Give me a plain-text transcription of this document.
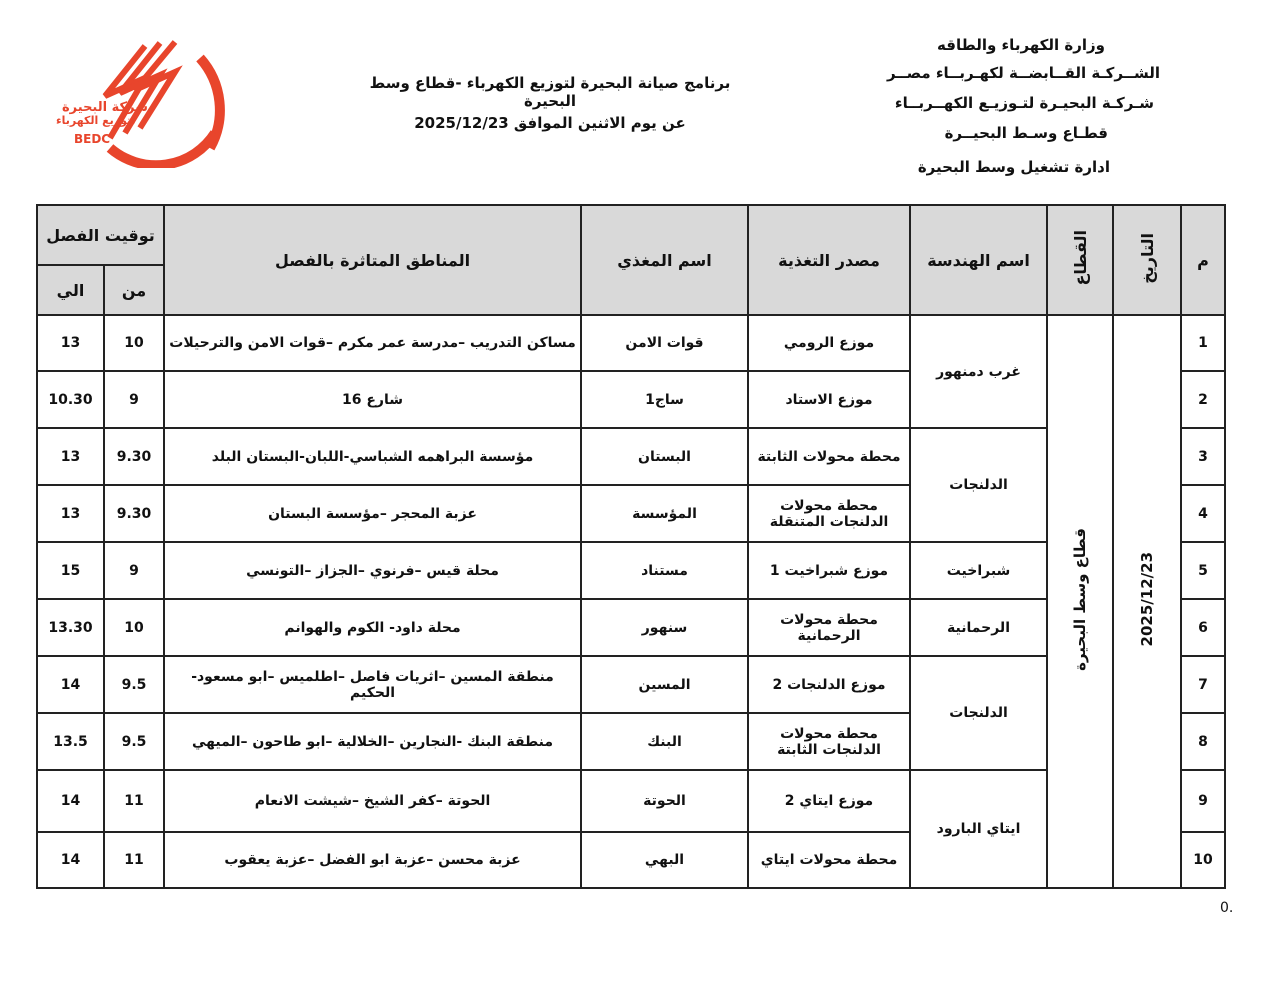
شركة البحيرة
لتوزيع الكهرباء
BEDC
برنامج صيانة البحيرة لتوزيع الكهرباء -قطاع وسط البحيرة
عن يوم الاثنين الموافق 2025/12/23
وزارة الكهرباء والطاقه
الشــركـة القــابضــة لكهـربــاء مصــر
شـركـة البحيـرة لتـوزيـع الكهــربــاء
قطـاع وسـط البحيــرة
ادارة تشغيل وسط البحيرة
م	التاريخ	القطاع	اسم الهندسة	مصدر التغذية	اسم المغذي	المناطق المتاثرة بالفصل	توقيت الفصل	
							من	الي
1	2025/12/23	قطاع وسط البحيرة	غرب دمنهور	موزع الرومي	قوات الامن	مساكن التدريب –مدرسة عمر مكرم –قوات الامن والترحيلات	10	13
2				موزع الاستاد	ساج1	شارع 16	9	10.30
3			الدلنجات	محطة محولات الثابتة	البستان	مؤسسة البراهمه الشباسي-اللبان-البستان البلد	9.30	13
4				محطة محولات الدلنجات المتنقلة	المؤسسة	عزبة المحجر –مؤسسة البستان	9.30	13
5			شبراخيت	موزع شبراخيت 1	مستناد	محلة قيس –فرنوي –الجزاز –التونسي	9	15
6			الرحمانية	محطة محولات الرحمانية	سنهور	محلة داود- الكوم والهوانم	10	13.30
7			الدلنجات	موزع الدلنجات 2	المسين	منطقة المسين –اثريات فاصل –اطلميس –ابو مسعود-الحكيم	9.5	14
8				محطة محولات الدلنجات الثابتة	البنك	منطقة البنك -النجارين –الخلالية –ابو طاحون –الميهي	9.5	13.5
9			ايتاي البارود	موزع ايتاي 2	الحوتة	الحوتة –كفر الشيخ –شيشت الانعام	11	14
10				محطة محولات ايتاي	البهي	عزبة محسن –عزبة ابو الفضل –عزبة يعقوب	11	14
0.
